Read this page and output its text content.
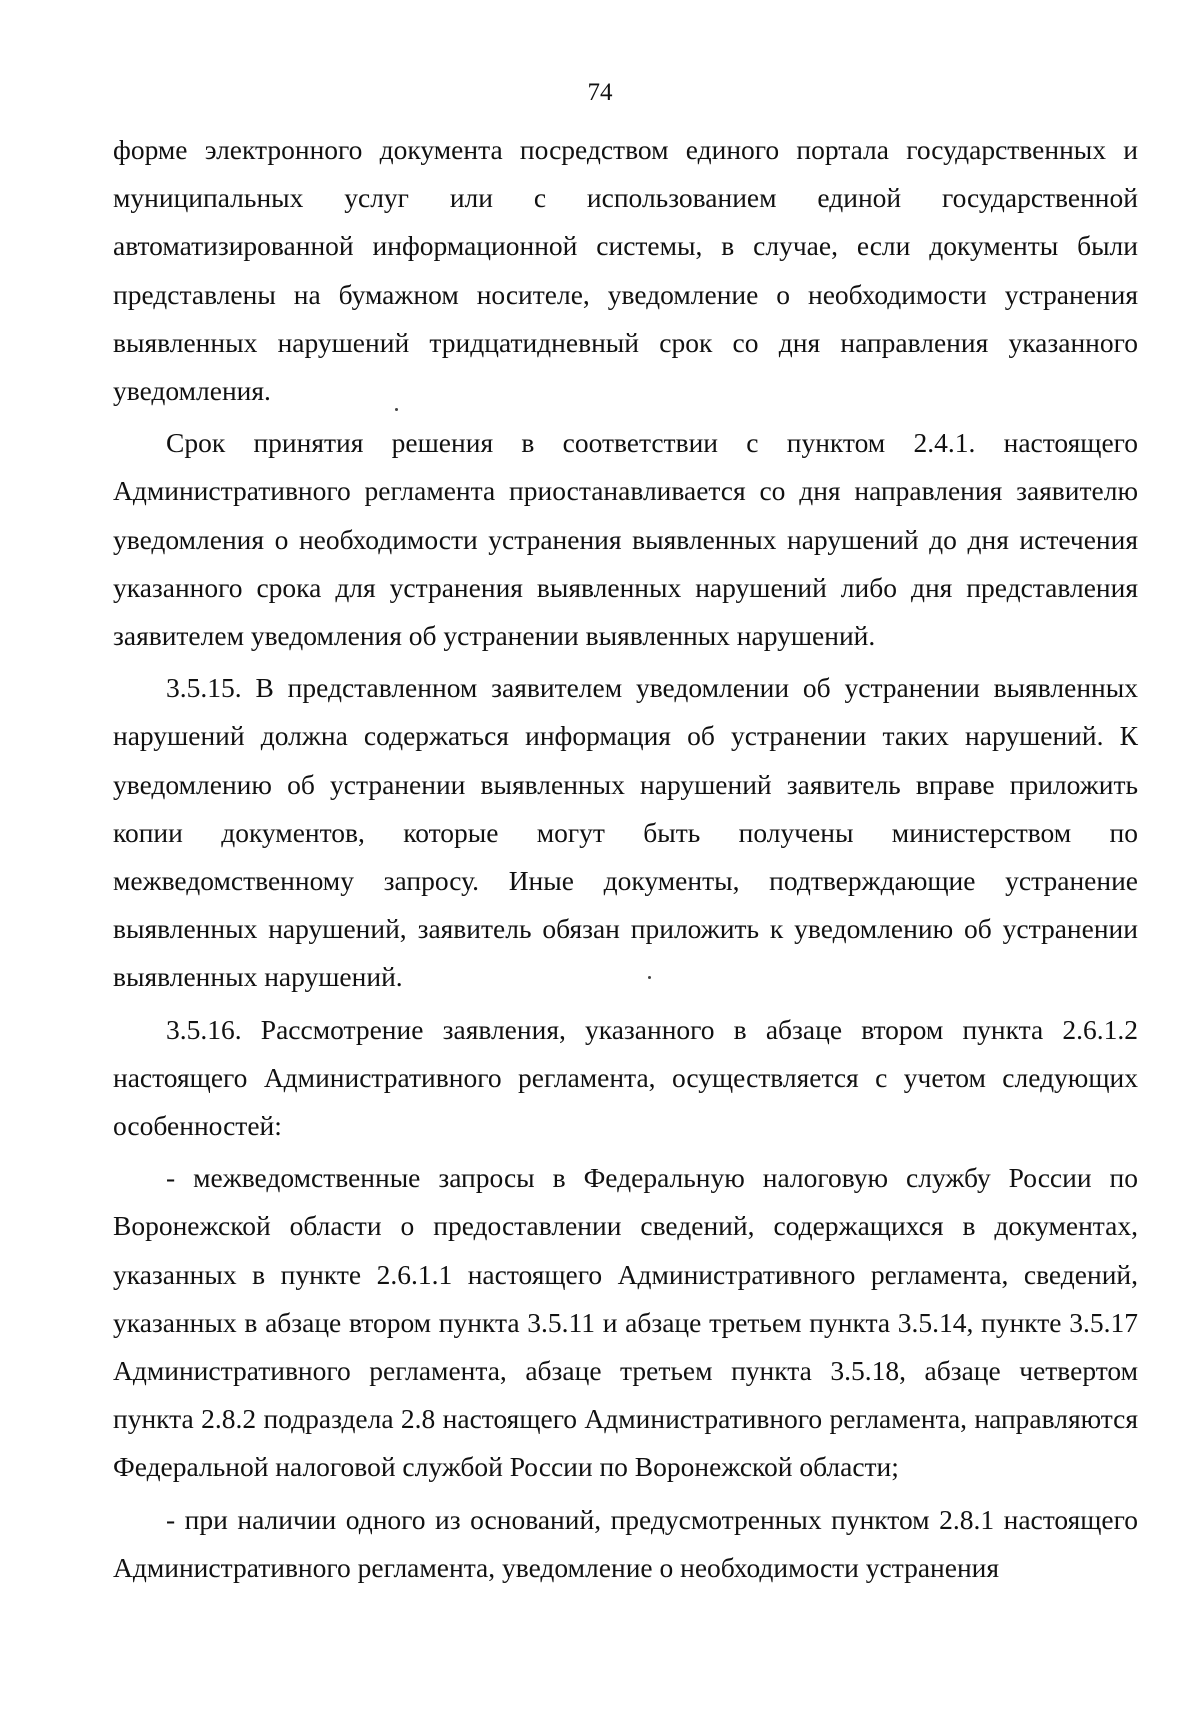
74

форме электронного документа посредством единого портала государственных и муниципальных услуг или с использованием единой государственной автоматизированной информационной системы, в случае, если документы были представлены на бумажном носителе, уведомление о необходимости устранения выявленных нарушений тридцатидневный срок со дня направления указанного уведомления.

Срок принятия решения в соответствии с пунктом 2.4.1. настоящего Административного регламента приостанавливается со дня направления заявителю уведомления о необходимости устранения выявленных нарушений до дня истечения указанного срока для устранения выявленных нарушений либо дня представления заявителем уведомления об устранении выявленных нарушений.

3.5.15. В представленном заявителем уведомлении об устранении выявленных нарушений должна содержаться информация об устранении таких нарушений. К уведомлению об устранении выявленных нарушений заявитель вправе приложить копии документов, которые могут быть получены министерством по межведомственному запросу. Иные документы, подтверждающие устранение выявленных нарушений, заявитель обязан приложить к уведомлению об устранении выявленных нарушений.

3.5.16. Рассмотрение заявления, указанного в абзаце втором пункта 2.6.1.2 настоящего Административного регламента, осуществляется с учетом следующих особенностей:

- межведомственные запросы в Федеральную налоговую службу России по Воронежской области о предоставлении сведений, содержащихся в документах, указанных в пункте 2.6.1.1 настоящего Административного регламента, сведений, указанных в абзаце втором пункта 3.5.11 и абзаце третьем пункта 3.5.14, пункте 3.5.17 Административного регламента, абзаце третьем пункта 3.5.18, абзаце четвертом пункта 2.8.2 подраздела 2.8 настоящего Административного регламента, направляются Федеральной налоговой службой России по Воронежской области;

- при наличии одного из оснований, предусмотренных пунктом 2.8.1 настоящего Административного регламента, уведомление о необходимости устранения
